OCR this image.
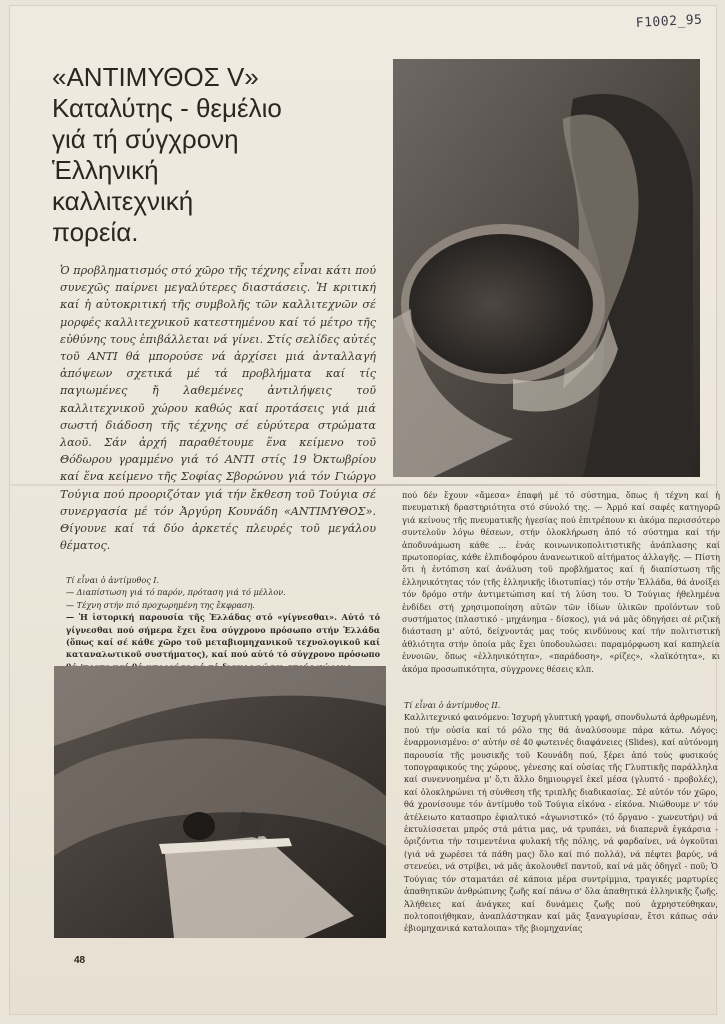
F1002_95
«ΑΝΤΙΜΥΘΟΣ V»
Καταλύτης - θεμέλιο
γιά τή σύγχρονη
Ἑλληνική
καλλιτεχνική
πορεία.

Ὁ προβληματισμός στό χῶρο τῆς τέχνης εἶναι κάτι πού συνεχῶς παίρνει μεγαλύτερες διαστάσεις. Ἡ κριτική καί ἡ αὐτοκριτική τῆς συμβολῆς τῶν καλλιτεχνῶν σέ μορφές καλλιτεχνικοῦ κατεστημένου καί τό μέτρο τῆς εὐθύνης τους ἐπιβάλλεται νά γίνει. Στίς σελίδες αὐτές τοῦ ΑΝΤΙ θά μπορούσε νά ἀρχίσει μιά ἀνταλλαγή ἀπόψεων σχετικά μέ τά προβλήματα καί τίς παγιωμένες ἤ λαθεμένες ἀντιλήψεις τοῦ καλλιτεχνικοῦ χώρου καθώς καί προτάσεις γιά μιά σωστή διάδοση τῆς τέχνης σέ εὐρύτερα στρώματα λαοῦ. Σάν ἀρχή παραθέτουμε ἕνα κείμενο τοῦ Θόδωρου γραμμένο γιά τό ΑΝΤΙ στίς 19 Ὀκτωβρίου καί ἕνα κείμενο τῆς Σοφίας Σβορώνου γιά τόν Γιώργο Τούγια πού προοριζόταν γιά τήν ἔκθεση τοῦ Τούγια σέ συνεργασία μέ τόν Ἀργύρη Κουνάδη «ΑΝΤΙΜΥΘΟΣ». Θίγουνε καί τά δύο ἀρκετές πλευρές τοῦ μεγάλου θέματος.

Τί εἶναι ὁ ἀντίμυθος Ι.
— Διαπίστωση γιά τό παρόν, πρόταση γιά τό μέλλον.
— Τέχνη στήν πιό προχωρημένη της ἔκφραση.
— Ἡ ἱστορική παρουσία τῆς Ἑλλάδας στό «γίγνεσθαι». Αὐτό τό γίγνεσθαι πού σήμερα ἔχει ἕνα σύγχρονο πρόσωπο στήν Ἑλλάδα (ὅπως καί σέ κάθε χῶρο τοῦ μεταβιομηχανικοῦ τεχνολογικοῦ καί καταναλωτικοῦ συστήματος), καί πού αὐτό τό σύγχρονο πρόσωπο
πού δέν ἔχουν «ἄμεσα» ἐπαφή μέ τό σύστημα, ὅπως ἡ τέχνη καί ἡ πνευματική δραστηριότητα στό σύνολό της. — Ἀρμό καί σαφές κατηγορῶ γιά κείνους τῆς πνευματικῆς ἡγεσίας πού ἐπιτρέπουν κι ἀκόμα περισσότερο συντελοῦν λόγω θέσεων, στήν ὁλοκλήρωση ἀπό τό σύστημα καί τήν ἀποδυνάμωση κάθε ... ἑνάς κοινωνικοπολιτιστικῆς ἀνάπλασης καί πρωτοπορίας, κάθε ἐλπιδοφόρου ἀνανεωτικοῦ αἰτήματος ἀλλαγῆς. — Πίστη ὅτι ἡ ἐντόπιση καί ἀνάλυση τοῦ προβλήματος καί ἡ διαπίστωση τῆς ἑλληνικότητας τόν (τῆς ἑλληνικῆς ἰδιοτυπίας) τόν στήν Ἑλλάδα, θά ἀνοίξει τόν δρόμο στήν ἀντιμετώπιση καί τή λύση του. Ὁ Τούγιας ἠθελημένα ἐνδίδει στή χρησιμοποίηση αὐτῶν τῶν ἰδίων ὑλικῶν προϊόντων τοῦ συστήματος (πλαστικό - μηχάνημα - δίσκος), γιά νά μᾶς ὁδηγήσει σέ ριζική διάσταση μ' αὐτό, δείχνοντάς μας τούς κινδύνους καί τήν πολιτιστική ἀθλιότητα στήν ὁποία μᾶς ἔχει ὑποδουλώσει: παραμόρφωση καί καπηλεία ἐννοιῶν, ὅπως «ἑλληνικότητα», «παράδοση», «ρίζες», «λαϊκότητα», κι ἀκόμα προσωπικότητα, σύγχρονες θέσεις κλπ.
Τί εἶναι ὁ ἀντίμυθος ΙΙ.
Καλλιτεχνικό φαινόμενο: Ἰσχυρή γλυπτική γραφή, σπονδυλωτά ἀρθρωμένη, πού τήν οὐσία καί τό ρόλο της θά ἀναλύσουμε πάρα κάτω. Λόγος: ἐναρμονισμένο: σ' αὐτήν σέ 40 φωτεινές διαφάνειες (Slides), καί αὐτόνομη παρουσία τῆς μουσικῆς τοῦ Κουνάδη πού, ξέρει ἀπό τούς φυσικούς τοπογραφικούς της χώρους, γένεσης καί οὐσίας τῆς Γλυπτικῆς παράλληλα καί συνεννοημένα μ' ὅ,τι ἄλλο δημιουργεῖ ἐκεῖ μέσα (γλυπτό - προβολές), καί ὁλοκληρώνει τή σύνθεση τῆς τριπλῆς διαδικασίας. Σέ αὐτόν τόν χῶρο, θά χρονίσουμε τόν ἀντίμυθο τοῦ Τούγια εἰκόνα - εἰκόνα. Νιώθουμε ν' τόν ἀτέλειωτο κατασπρο ἐφιαλτικό «ἀγωνιστικό» (τό ὄργανο - χωνευτήρι) νά ἐκτυλίσσεται μπρός στά μάτια μας, νά τρυπάει, νά διαπερνᾶ ἐγκάρσια - ὁριζόντια τήν τσιμεντένια φυλακή τῆς πόλης, νά φαρδαίνει, νά ὀγκοῦται (γιά νά χωρέσει τά πάθη μας) ὅλο καί πιό πολλά), νά πέφτει βαρύς, νά στενεύει, νά στρίβει, νά μᾶς ἀκολουθεῖ παντοῦ, καί νά μᾶς ὁδηγεῖ - ποῦ; Ὁ Τούγιας τόν σταματάει σέ κάποια μέρα συντρίμμια, τραγικές μαρτυρίες ἀπαθητικῶν ἀνθρώπινης ζωῆς καί πάνω σ' ὅλα ἀπαθητικά ἐλληνικῆς ζωῆς. Ἀλήθειες καί ἀνάγκες καί δυνάμεις ζωῆς πού ἀχρηστεύθηκαν, πολτοποιήθηκαν, ἀναπλάστηκαν καί μᾶς ξαναγυρίσαν, ἔτσι κάπως σάν ἑβιομηχανικά καταλοιπα» τῆς βιομηχανίας
48
